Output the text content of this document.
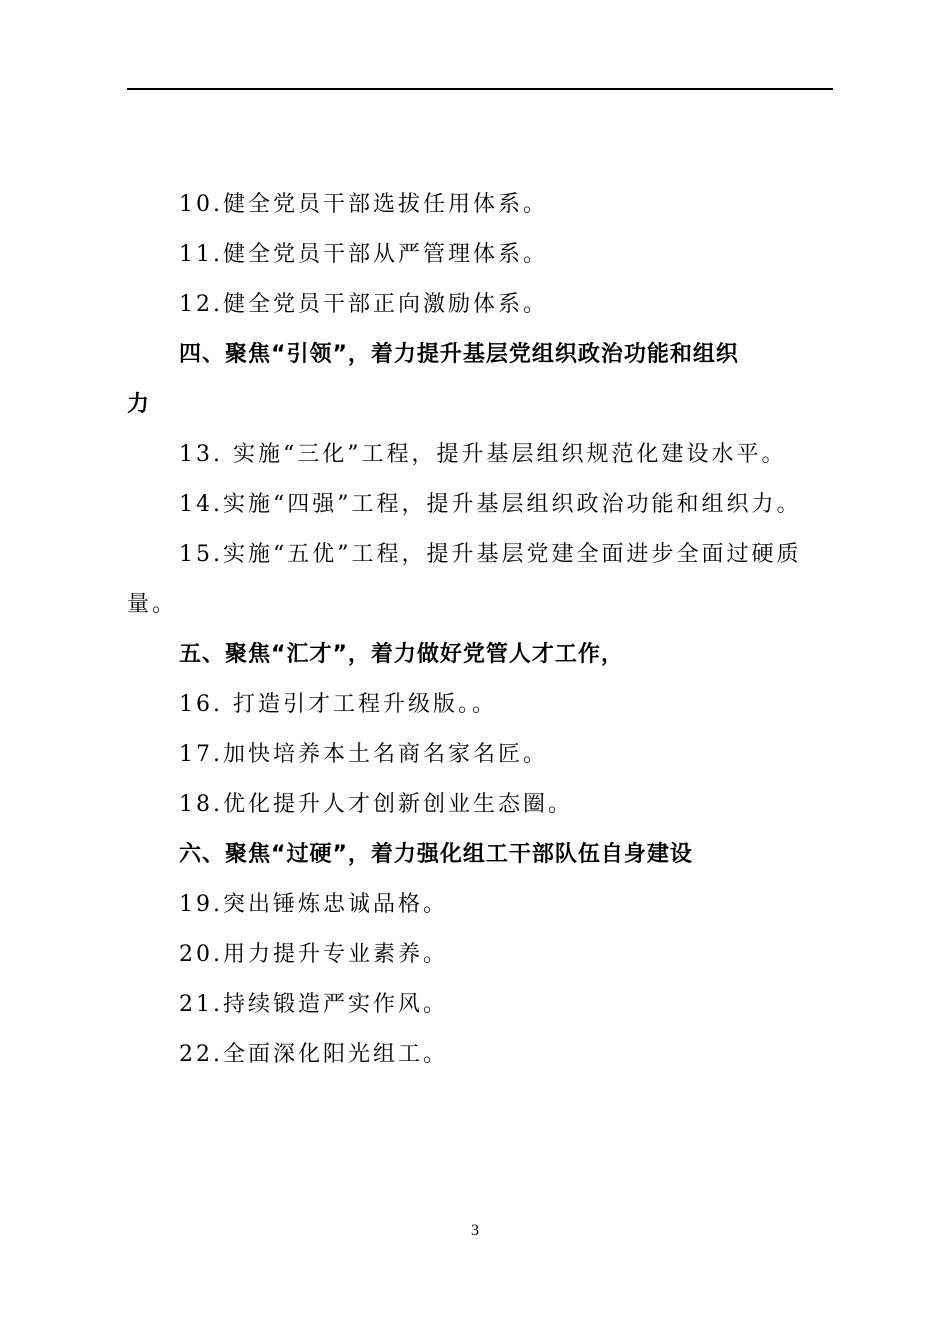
10.健全党员干部选拔任用体系。
11.健全党员干部从严管理体系。
12.健全党员干部正向激励体系。
四、聚焦“引领”，着力提升基层党组织政治功能和组织
力
13. 实施“三化”工程，提升基层组织规范化建设水平。
14.实施“四强”工程，提升基层组织政治功能和组织力。
15.实施“五优”工程，提升基层党建全面进步全面过硬质
量。
五、聚焦“汇才”，着力做好党管人才工作，
16. 打造引才工程升级版。。
17.加快培养本土名商名家名匠。
18.优化提升人才创新创业生态圈。
六、聚焦“过硬”，着力强化组工干部队伍自身建设
19.突出锤炼忠诚品格。
20.用力提升专业素养。
21.持续锻造严实作风。
22.全面深化阳光组工。
3
